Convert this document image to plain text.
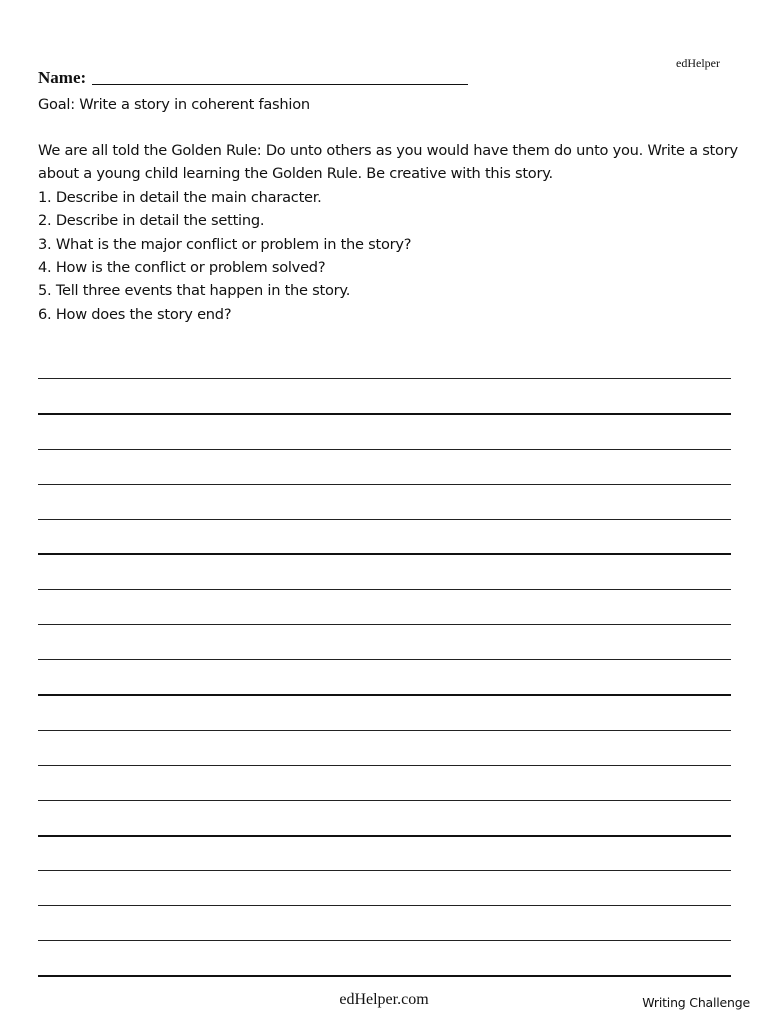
edHelper
Name:
Goal: Write a story in coherent fashion

We are all told the Golden Rule: Do unto others as you would have them do unto you. Write a story about a young child learning the Golden Rule. Be creative with this story.

1. Describe in detail the main character.
2. Describe in detail the setting.
3. What is the major conflict or problem in the story?
4. How is the conflict or problem solved?
5. Tell three events that happen in the story.
6. How does the story end?
edHelper.com	Writing Challenge
